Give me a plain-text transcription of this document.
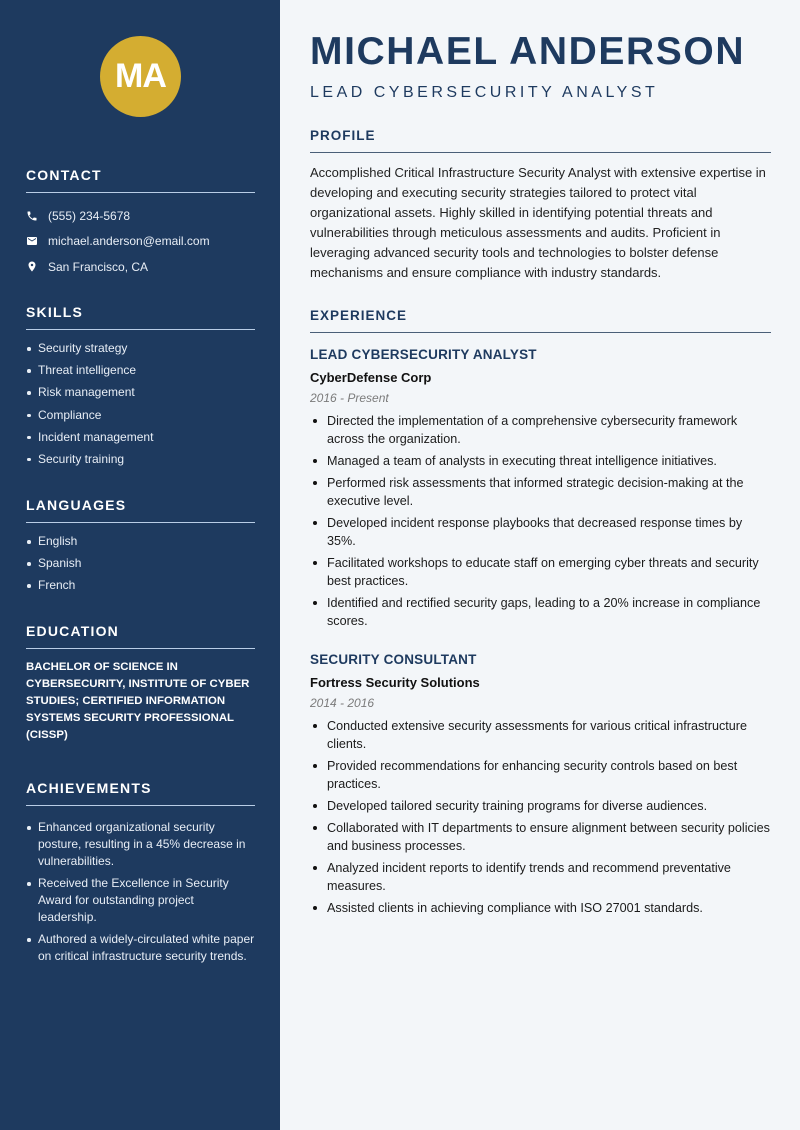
MA
CONTACT
(555) 234-5678
michael.anderson@email.com
San Francisco, CA
SKILLS
Security strategy
Threat intelligence
Risk management
Compliance
Incident management
Security training
LANGUAGES
English
Spanish
French
EDUCATION
BACHELOR OF SCIENCE IN CYBERSECURITY, INSTITUTE OF CYBER STUDIES; CERTIFIED INFORMATION SYSTEMS SECURITY PROFESSIONAL (CISSP)
ACHIEVEMENTS
Enhanced organizational security posture, resulting in a 45% decrease in vulnerabilities.
Received the Excellence in Security Award for outstanding project leadership.
Authored a widely-circulated white paper on critical infrastructure security trends.
MICHAEL ANDERSON
LEAD CYBERSECURITY ANALYST
PROFILE

Accomplished Critical Infrastructure Security Analyst with extensive expertise in developing and executing security strategies tailored to protect vital organizational assets. Highly skilled in identifying potential threats and vulnerabilities through meticulous assessments and audits. Proficient in leveraging advanced security tools and technologies to bolster defense mechanisms and ensure compliance with industry standards.

EXPERIENCE
LEAD CYBERSECURITY ANALYST
CyberDefense Corp
2016 - Present
Directed the implementation of a comprehensive cybersecurity framework across the organization.
Managed a team of analysts in executing threat intelligence initiatives.
Performed risk assessments that informed strategic decision-making at the executive level.
Developed incident response playbooks that decreased response times by 35%.
Facilitated workshops to educate staff on emerging cyber threats and security best practices.
Identified and rectified security gaps, leading to a 20% increase in compliance scores.
SECURITY CONSULTANT
Fortress Security Solutions
2014 - 2016
Conducted extensive security assessments for various critical infrastructure clients.
Provided recommendations for enhancing security controls based on best practices.
Developed tailored security training programs for diverse audiences.
Collaborated with IT departments to ensure alignment between security policies and business processes.
Analyzed incident reports to identify trends and recommend preventative measures.
Assisted clients in achieving compliance with ISO 27001 standards.
